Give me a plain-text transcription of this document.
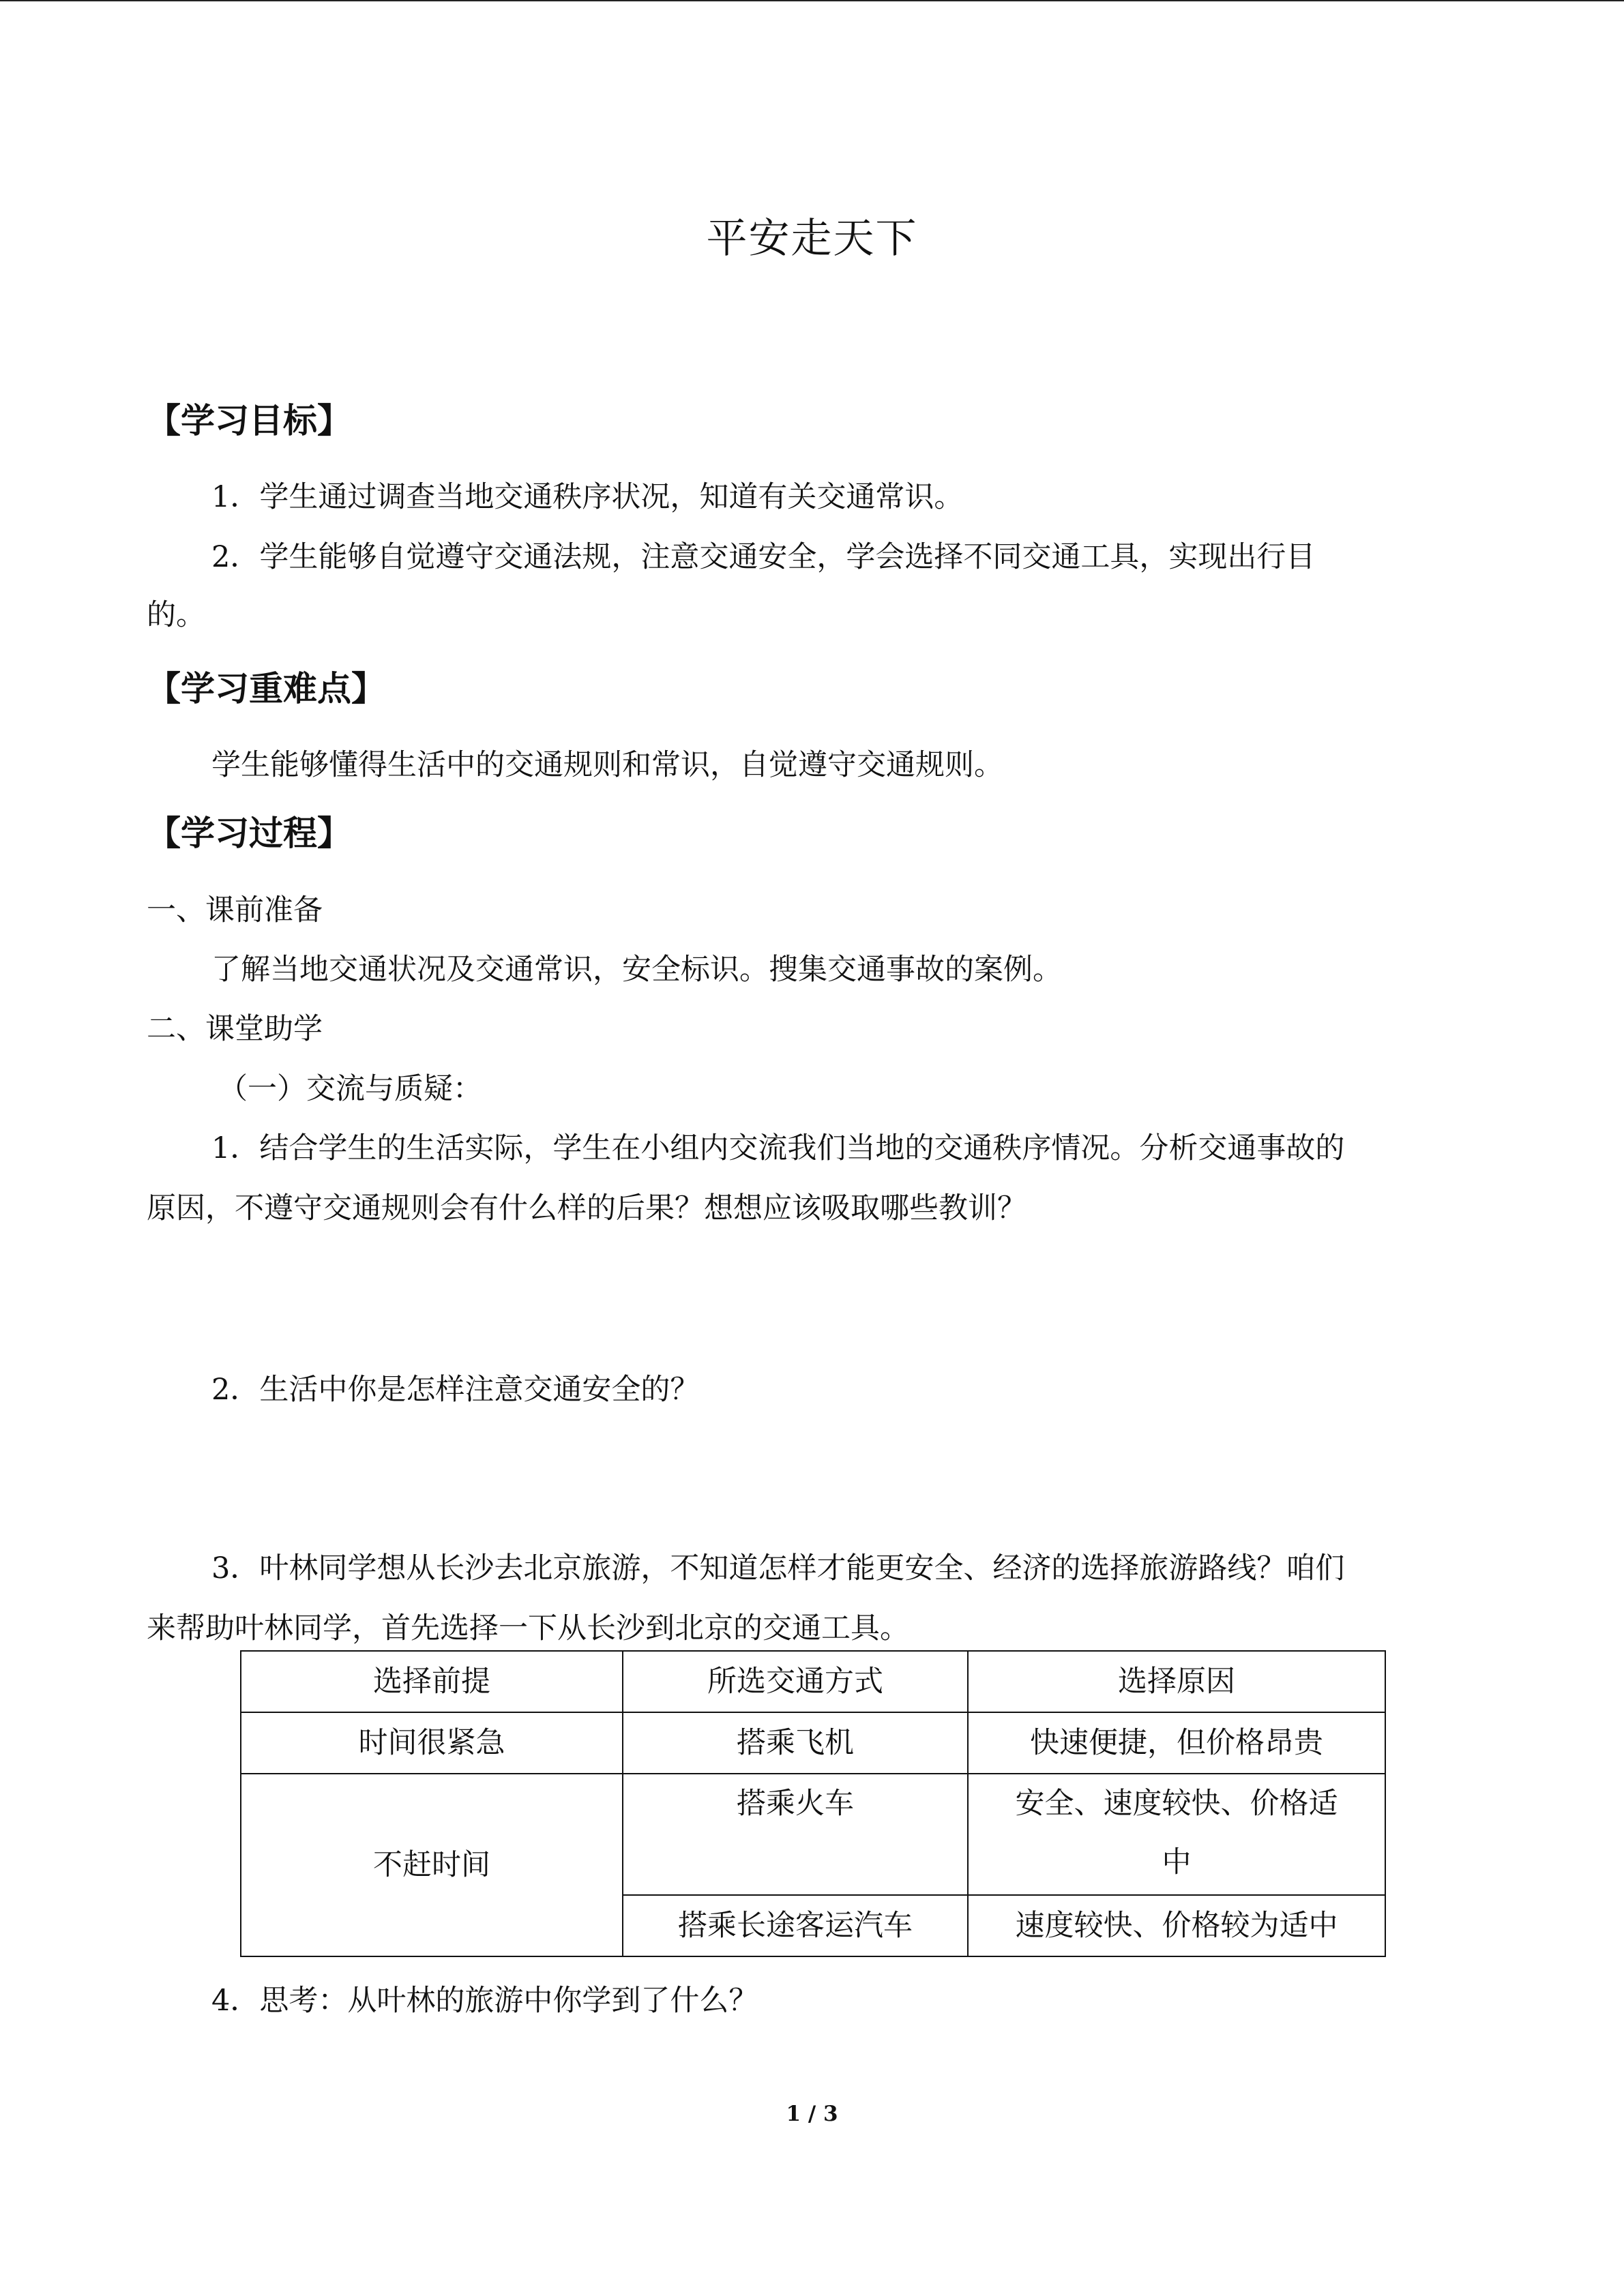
平安走天下
【学习目标】

1．学生通过调查当地交通秩序状况，知道有关交通常识。

2．学生能够自觉遵守交通法规，注意交通安全，学会选择不同交通工具，实现出行目

的。

【学习重难点】

学生能够懂得生活中的交通规则和常识，自觉遵守交通规则。

【学习过程】

一、课前准备

了解当地交通状况及交通常识，安全标识。搜集交通事故的案例。

二、课堂助学

（一）交流与质疑：

1．结合学生的生活实际，学生在小组内交流我们当地的交通秩序情况。分析交通事故的

原因，不遵守交通规则会有什么样的后果？想想应该吸取哪些教训？

2．生活中你是怎样注意交通安全的？

3．叶林同学想从长沙去北京旅游，不知道怎样才能更安全、经济的选择旅游路线？咱们

来帮助叶林同学，首先选择一下从长沙到北京的交通工具。

选择前提	所选交通方式	选择原因
时间很紧急	搭乘飞机	快速便捷，但价格昂贵
不赶时间	搭乘火车	安全、速度较快、价格适
中

	搭乘长途客运汽车	速度较快、价格较为适中

4．思考：从叶林的旅游中你学到了什么？

1 / 3
